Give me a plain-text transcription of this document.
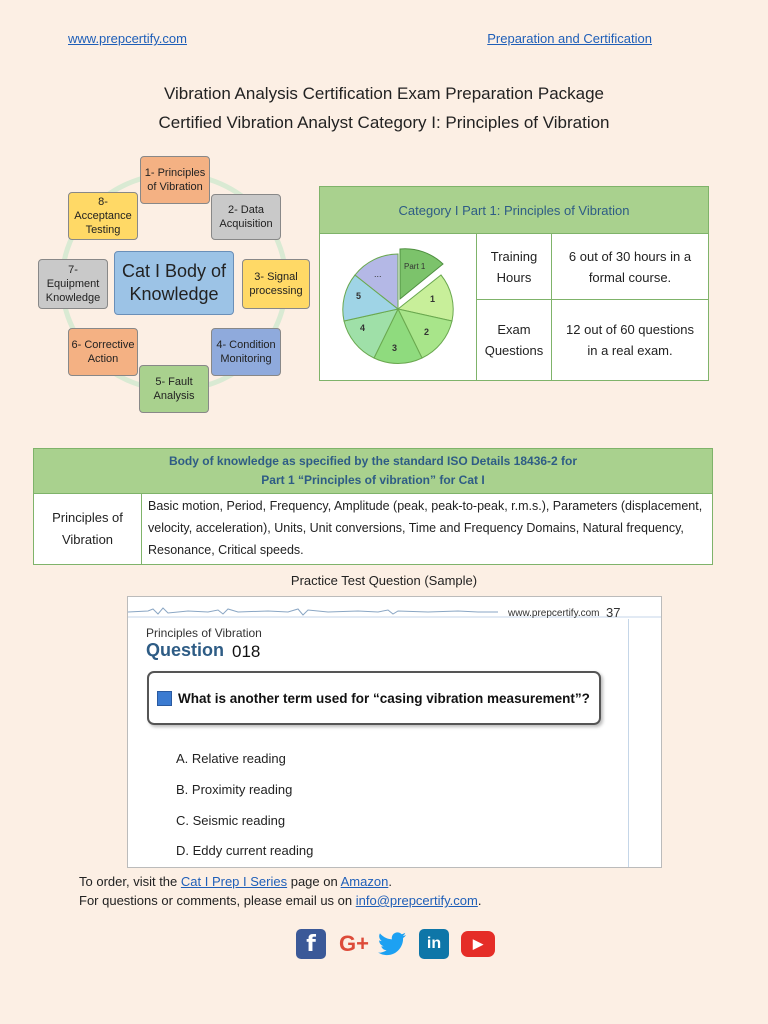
www.prepcertify.com	Preparation and Certification
Vibration Analysis Certification Exam Preparation Package
Certified Vibration Analyst Category I: Principles of Vibration
Cat I Body of Knowledge
1- Principles of Vibration
2- Data Acquisition
3- Signal processing
4- Condition Monitoring
5- Fault Analysis
6- Corrective Action
7- Equipment Knowledge
8- Acceptance Testing
Category I Part 1: Principles of Vibration
Part 1
1
2
3
4
5
...
Training Hours
6 out of 30 hours in a formal course.
Exam Questions
12 out of 60 questions in a real exam.
Body of knowledge as specified by the standard ISO Details 18436-2 for
Part 1 “Principles of vibration” for Cat I
Principles of Vibration
Basic motion, Period, Frequency, Amplitude (peak, peak-to-peak, r.m.s.), Parameters (displacement, velocity, acceleration), Units, Unit conversions, Time and Frequency Domains, Natural frequency, Resonance, Critical speeds.
Practice Test Question (Sample)
www.prepcertify.com 37
Principles of Vibration
Question 018
What is another term used for “casing vibration measurement”?
A. Relative reading
B. Proximity reading
C. Seismic reading
D. Eddy current reading
To order, visit the Cat I Prep I Series page on Amazon.
For questions or comments, please email us on info@prepcertify.com.
f	G+	in	▶
